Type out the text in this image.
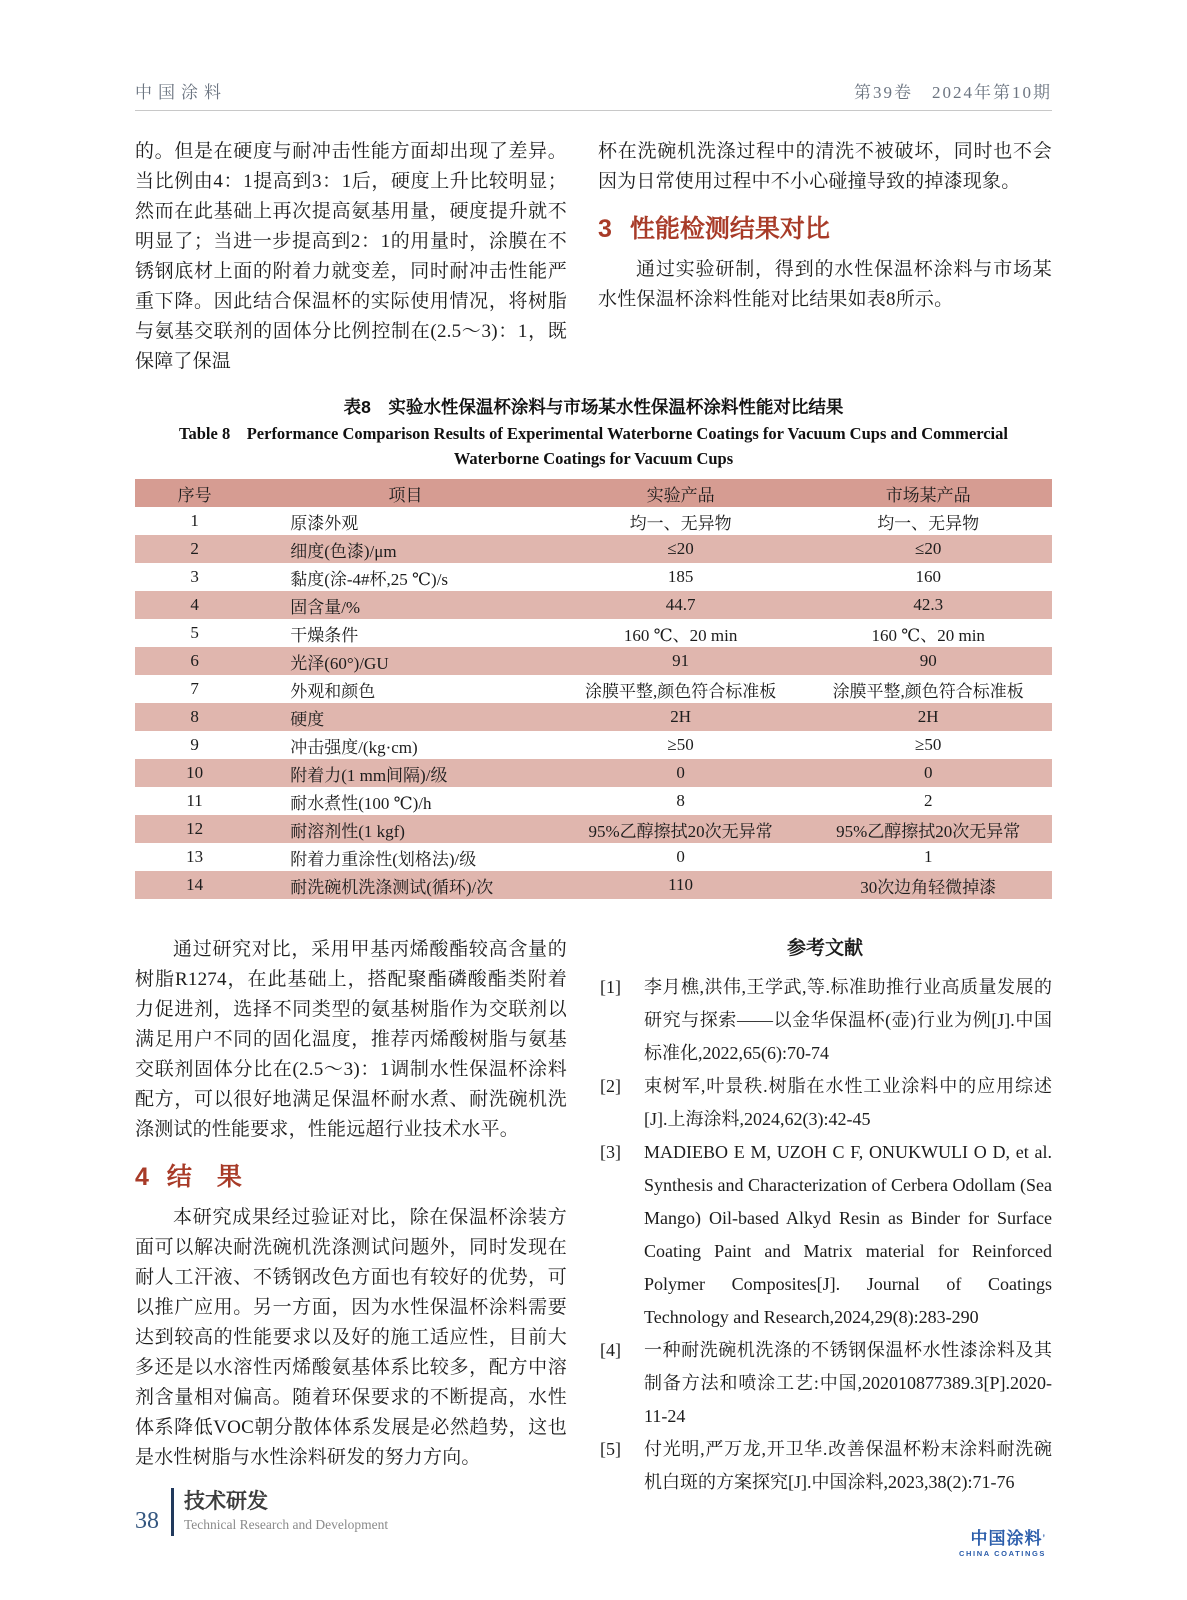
中国涂料	第39卷　2024年第10期

的。但是在硬度与耐冲击性能方面却出现了差异。当比例由4：1提高到3：1后，硬度上升比较明显；然而在此基础上再次提高氨基用量，硬度提升就不明显了；当进一步提高到2：1的用量时，涂膜在不锈钢底材上面的附着力就变差，同时耐冲击性能严重下降。因此结合保温杯的实际使用情况，将树脂与氨基交联剂的固体分比例控制在(2.5～3)：1，既保障了保温

杯在洗碗机洗涤过程中的清洗不被破坏，同时也不会因为日常使用过程中不小心碰撞导致的掉漆现象。

3 性能检测结果对比

通过实验研制，得到的水性保温杯涂料与市场某水性保温杯涂料性能对比结果如表8所示。

表8　实验水性保温杯涂料与市场某水性保温杯涂料性能对比结果
Table 8　Performance Comparison Results of Experimental Waterborne Coatings for Vacuum Cups and Commercial
Waterborne Coatings for Vacuum Cups
序号	项目	实验产品	市场某产品
1	原漆外观	均一、无异物	均一、无异物
2	细度(色漆)/μm	≤20	≤20
3	黏度(涂-4#杯,25 ℃)/s	185	160
4	固含量/%	44.7	42.3
5	干燥条件	160 ℃、20 min	160 ℃、20 min
6	光泽(60°)/GU	91	90
7	外观和颜色	涂膜平整,颜色符合标准板	涂膜平整,颜色符合标准板
8	硬度	2H	2H
9	冲击强度/(kg·cm)	≥50	≥50
10	附着力(1 mm间隔)/级	0	0
11	耐水煮性(100 ℃)/h	8	2
12	耐溶剂性(1 kgf)	95%乙醇擦拭20次无异常	95%乙醇擦拭20次无异常
13	附着力重涂性(划格法)/级	0	1
14	耐洗碗机洗涤测试(循环)/次	110	30次边角轻微掉漆

通过研究对比，采用甲基丙烯酸酯较高含量的树脂R1274，在此基础上，搭配聚酯磷酸酯类附着力促进剂，选择不同类型的氨基树脂作为交联剂以满足用户不同的固化温度，推荐丙烯酸树脂与氨基交联剂固体分比在(2.5～3)：1调制水性保温杯涂料配方，可以很好地满足保温杯耐水煮、耐洗碗机洗涤测试的性能要求，性能远超行业技术水平。

4 结　果

本研究成果经过验证对比，除在保温杯涂装方面可以解决耐洗碗机洗涤测试问题外，同时发现在耐人工汗液、不锈钢改色方面也有较好的优势，可以推广应用。另一方面，因为水性保温杯涂料需要达到较高的性能要求以及好的施工适应性，目前大多还是以水溶性丙烯酸氨基体系比较多，配方中溶剂含量相对偏高。随着环保要求的不断提高，水性体系降低VOC朝分散体体系发展是必然趋势，这也是水性树脂与水性涂料研发的努力方向。

参考文献
[1] 李月樵,洪伟,王学武,等.标准助推行业高质量发展的研究与探索——以金华保温杯(壶)行业为例[J].中国标准化,2022,65(6):70-74
[2] 束树军,叶景秩.树脂在水性工业涂料中的应用综述[J].上海涂料,2024,62(3):42-45
[3] MADIEBO E M, UZOH C F, ONUKWULI O D, et al. Synthesis and Characterization of Cerbera Odollam (Sea Mango) Oil-based Alkyd Resin as Binder for Surface Coating Paint and Matrix material for Reinforced Polymer Composites[J]. Journal of Coatings Technology and Research,2024,29(8):283-290
[4] 一种耐洗碗机洗涤的不锈钢保温杯水性漆涂料及其制备方法和喷涂工艺:中国,202010877389.3[P].2020-11-24
[5] 付光明,严万龙,开卫华.改善保温杯粉末涂料耐洗碗机白斑的方案探究[J].中国涂料,2023,38(2):71-76
中国涂料’
CHINA COATINGS
38
技术研发
Technical Research and Development
